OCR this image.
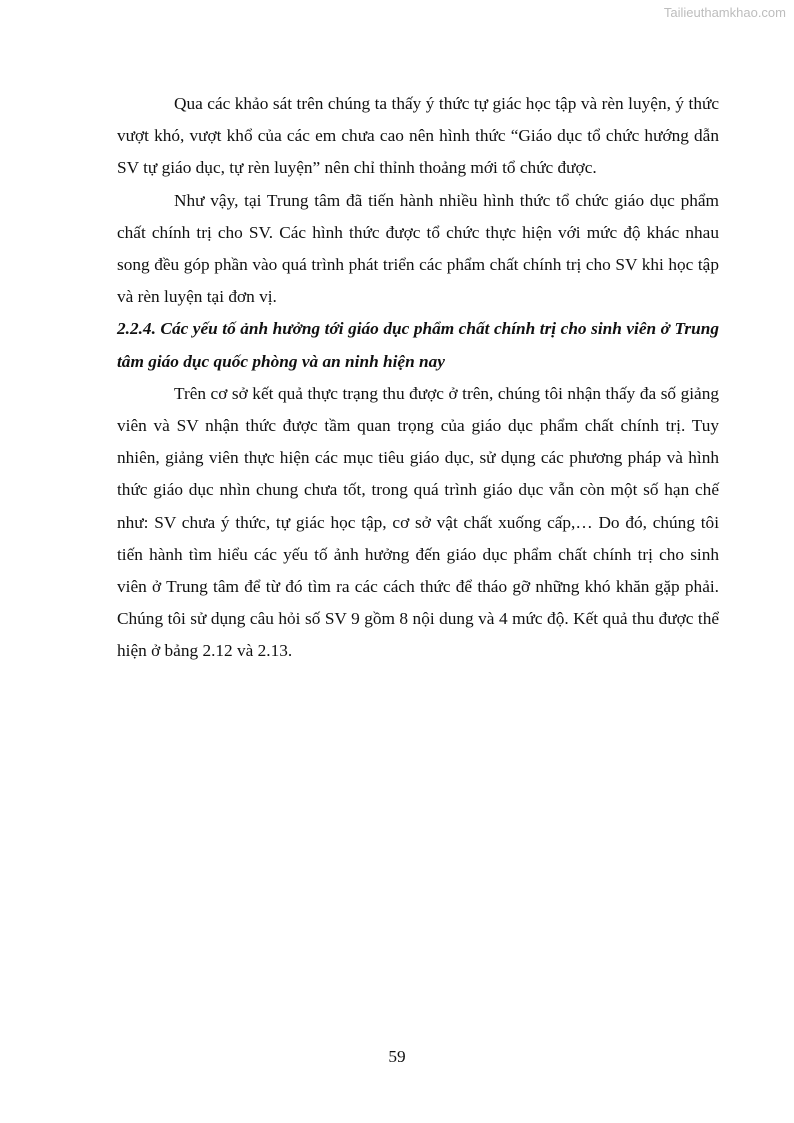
Tailieuthamkhao.com

Qua các khảo sát trên chúng ta thấy ý thức tự giác học tập và rèn luyện, ý thức vượt khó, vượt khổ của các em chưa cao nên hình thức “Giáo dục tổ chức hướng dẫn SV tự giáo dục, tự rèn luyện” nên chỉ thỉnh thoảng mới tổ chức được.

Như vậy, tại Trung tâm đã tiến hành nhiều hình thức tổ chức giáo dục phẩm chất chính trị cho SV. Các hình thức được tổ chức thực hiện với mức độ khác nhau song đều góp phần vào quá trình phát triển các phẩm chất chính trị cho SV khi học tập và rèn luyện tại đơn vị.

2.2.4. Các yếu tố ảnh hưởng tới giáo dục phẩm chất chính trị cho sinh viên ở Trung tâm giáo dục quốc phòng và an ninh hiện nay

Trên cơ sở kết quả thực trạng thu được ở trên, chúng tôi nhận thấy đa số giảng viên và SV nhận thức được tầm quan trọng của giáo dục phẩm chất chính trị. Tuy nhiên, giảng viên thực hiện các mục tiêu giáo dục, sử dụng các phương pháp và hình thức giáo dục nhìn chung chưa tốt, trong quá trình giáo dục vẫn còn một số hạn chế như: SV chưa ý thức, tự giác học tập, cơ sở vật chất xuống cấp,… Do đó, chúng tôi tiến hành tìm hiểu các yếu tố ảnh hưởng đến giáo dục phẩm chất chính trị cho sinh viên ở Trung tâm để từ đó tìm ra các cách thức để tháo gỡ những khó khăn gặp phải. Chúng tôi sử dụng câu hỏi số SV 9 gồm 8 nội dung và 4 mức độ. Kết quả thu được thể hiện ở bảng 2.12 và 2.13.

59
